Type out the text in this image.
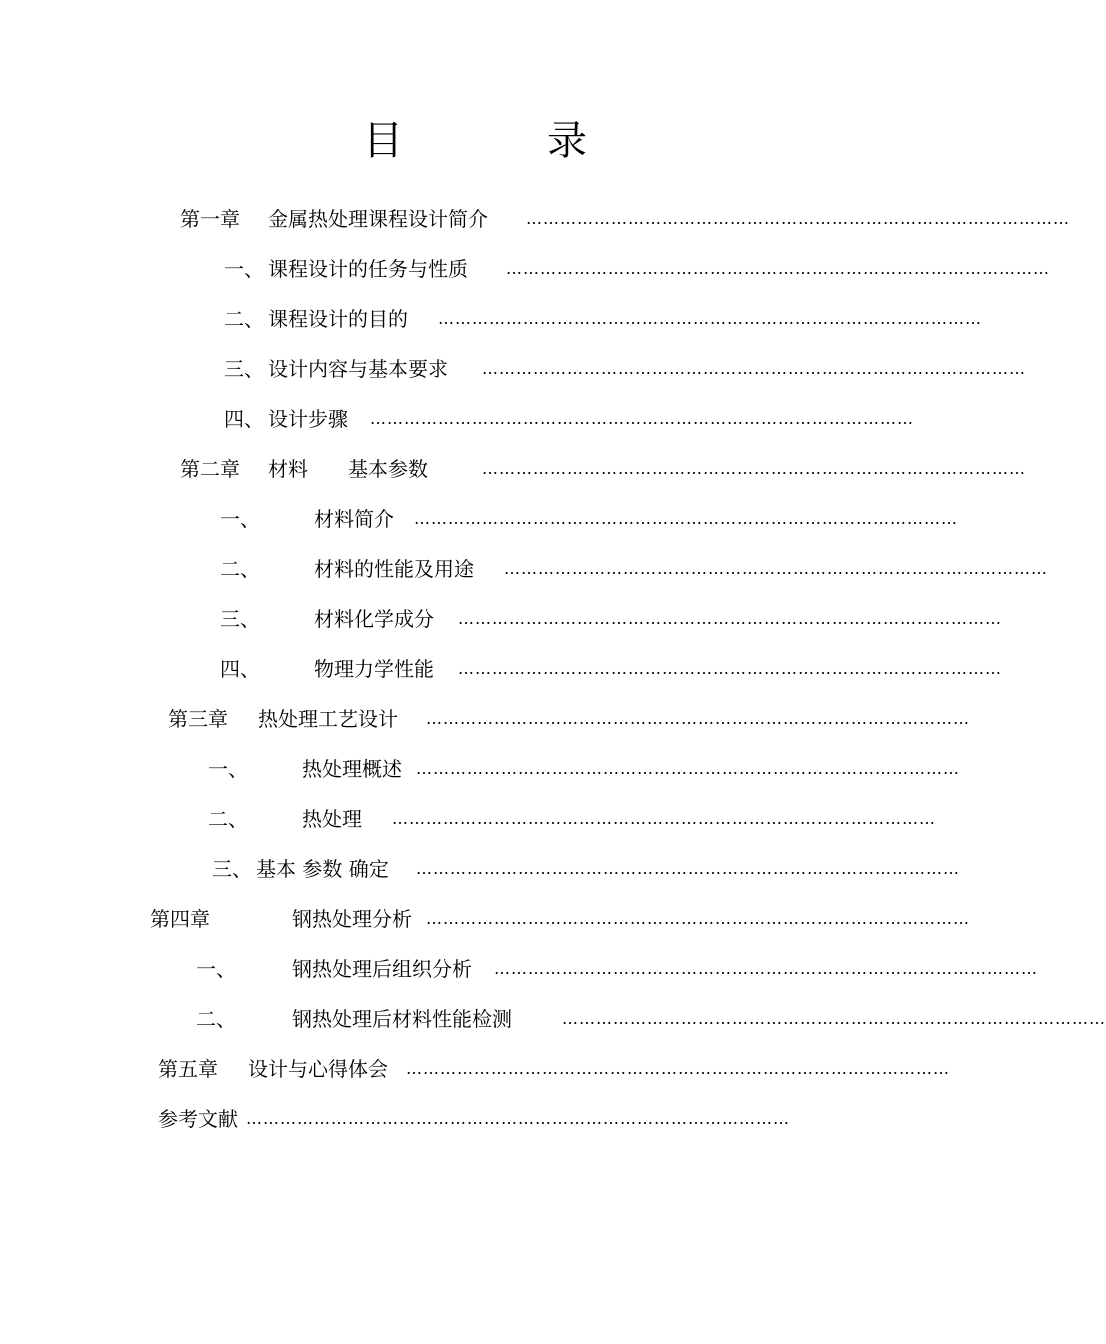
目　录
第一章 金属热处理课程设计简介 ……………………………………………………………………………………
一、 课程设计的任务与性质 ……………………………………………………………………………………
二、 课程设计的目的 ……………………………………………………………………………………
三、 设计内容与基本要求 ……………………………………………………………………………………
四、 设计步骤 ……………………………………………………………………………………
第二章 材料　　基本参数	……………………………………………………………………………………
一、	材料简介 ……………………………………………………………………………………
二、	材料的性能及用途 ……………………………………………………………………………………
三、	材料化学成分 ……………………………………………………………………………………
四、	物理力学性能 ……………………………………………………………………………………
第三章 热处理工艺设计 ……………………………………………………………………………………
一、	热处理概述 ……………………………………………………………………………………
二、	热处理 ……………………………………………………………………………………
三、 基本 参数 确定 ……………………………………………………………………………………
第四章	钢热处理分析 ……………………………………………………………………………………
一、	钢热处理后组织分析 ……………………………………………………………………………………
二、	钢热处理后材料性能检测	……………………………………………………………………………………
第五章 设计与心得体会 ……………………………………………………………………………………
参考文献 ……………………………………………………………………………………
